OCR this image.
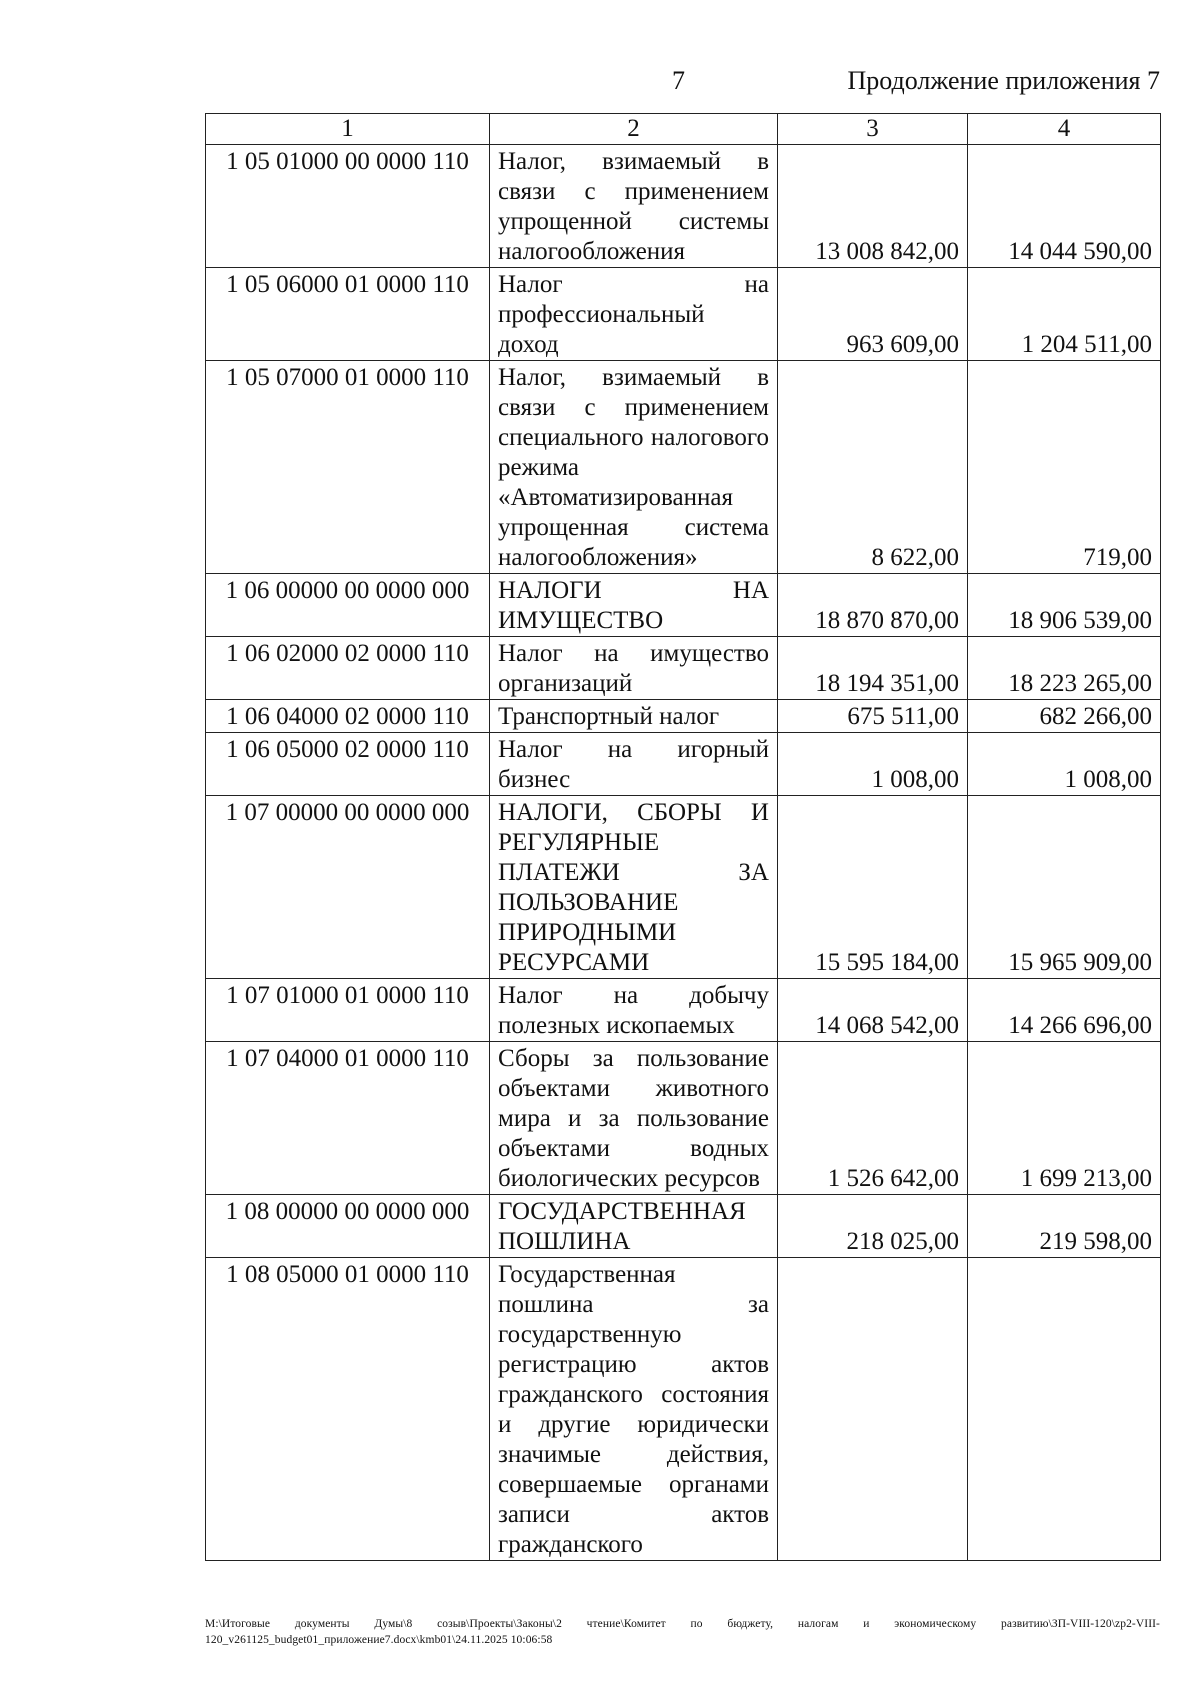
7	Продолжение приложения 7
1	2	3	4
1 05 01000 00 0000 110	Налог, взимаемый в связи с применением упрощенной системы налогообложения	13 008 842,00	14 044 590,00
1 05 06000 01 0000 110	Налог на профессиональный доход	963 609,00	1 204 511,00
1 05 07000 01 0000 110	Налог, взимаемый в связи с применением специального налогового режима «Автоматизированная упрощенная система налогообложения»	8 622,00	719,00
1 06 00000 00 0000 000	НАЛОГИ НА ИМУЩЕСТВО	18 870 870,00	18 906 539,00
1 06 02000 02 0000 110	Налог на имущество организаций	18 194 351,00	18 223 265,00
1 06 04000 02 0000 110	Транспортный налог	675 511,00	682 266,00
1 06 05000 02 0000 110	Налог на игорный бизнес	1 008,00	1 008,00
1 07 00000 00 0000 000	НАЛОГИ, СБОРЫ И РЕГУЛЯРНЫЕ ПЛАТЕЖИ ЗА ПОЛЬЗОВАНИЕ ПРИРОДНЫМИ РЕСУРСАМИ	15 595 184,00	15 965 909,00
1 07 01000 01 0000 110	Налог на добычу полезных ископаемых	14 068 542,00	14 266 696,00
1 07 04000 01 0000 110	Сборы за пользование объектами животного мира и за пользование объектами водных биологических ресурсов	1 526 642,00	1 699 213,00
1 08 00000 00 0000 000	ГОСУДАРСТВЕННАЯ ПОШЛИНА	218 025,00	219 598,00
1 08 05000 01 0000 110	Государственная пошлина за государственную регистрацию актов гражданского состояния и другие юридически значимые действия, совершаемые органами записи актов гражданского		
M:\Итоговые документы Думы\8 созыв\Проекты\Законы\2 чтение\Комитет по бюджету, налогам и экономическому развитию\ЗП-VIII-120\zp2-VIII-120_v261125_budget01_приложение7.docx\kmb01\24.11.2025 10:06:58
